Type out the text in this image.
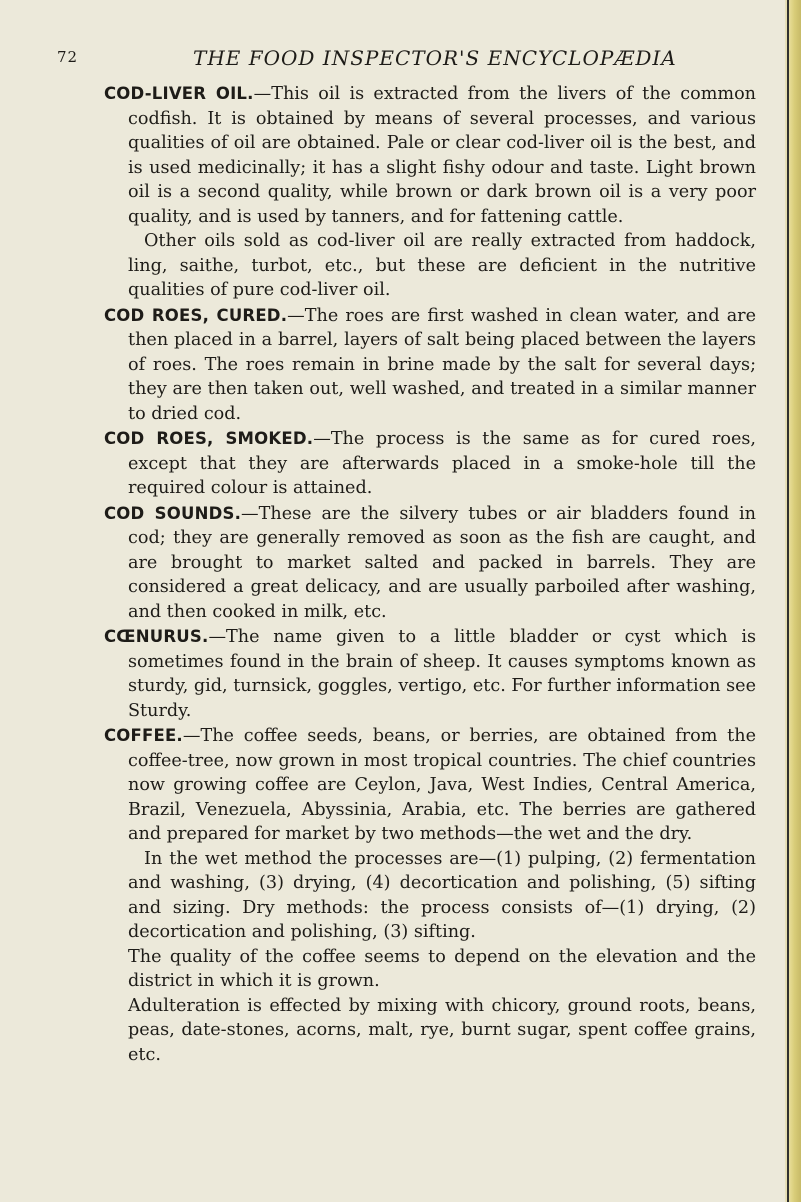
72	THE FOOD INSPECTOR'S ENCYCLOPÆDIA

COD-LIVER OIL.—This oil is extracted from the livers of the common codfish. It is obtained by means of several processes, and various qualities of oil are obtained. Pale or clear cod-liver oil is the best, and is used medicinally; it has a slight fishy odour and taste. Light brown oil is a second quality, while brown or dark brown oil is a very poor quality, and is used by tanners, and for fattening cattle.

Other oils sold as cod-liver oil are really extracted from haddock, ling, saithe, turbot, etc., but these are deficient in the nutritive qualities of pure cod-liver oil.

COD ROES, CURED.—The roes are first washed in clean water, and are then placed in a barrel, layers of salt being placed between the layers of roes. The roes remain in brine made by the salt for several days; they are then taken out, well washed, and treated in a similar manner to dried cod.

COD ROES, SMOKED.—The process is the same as for cured roes, except that they are afterwards placed in a smoke-hole till the required colour is attained.

COD SOUNDS.—These are the silvery tubes or air bladders found in cod; they are generally removed as soon as the fish are caught, and are brought to market salted and packed in barrels. They are considered a great delicacy, and are usually parboiled after washing, and then cooked in milk, etc.

CŒNURUS.—The name given to a little bladder or cyst which is sometimes found in the brain of sheep. It causes symptoms known as sturdy, gid, turnsick, goggles, vertigo, etc. For further information see Sturdy.

COFFEE.—The coffee seeds, beans, or berries, are obtained from the coffee-tree, now grown in most tropical countries. The chief countries now growing coffee are Ceylon, Java, West Indies, Central America, Brazil, Venezuela, Abyssinia, Arabia, etc. The berries are gathered and prepared for market by two methods—the wet and the dry.

In the wet method the processes are—(1) pulping, (2) fermentation and washing, (3) drying, (4) decortication and polishing, (5) sifting and sizing. Dry methods: the process consists of—(1) drying, (2) decortication and polishing, (3) sifting.

The quality of the coffee seems to depend on the elevation and the district in which it is grown.

Adulteration is effected by mixing with chicory, ground roots, beans, peas, date-stones, acorns, malt, rye, burnt sugar, spent coffee grains, etc.
